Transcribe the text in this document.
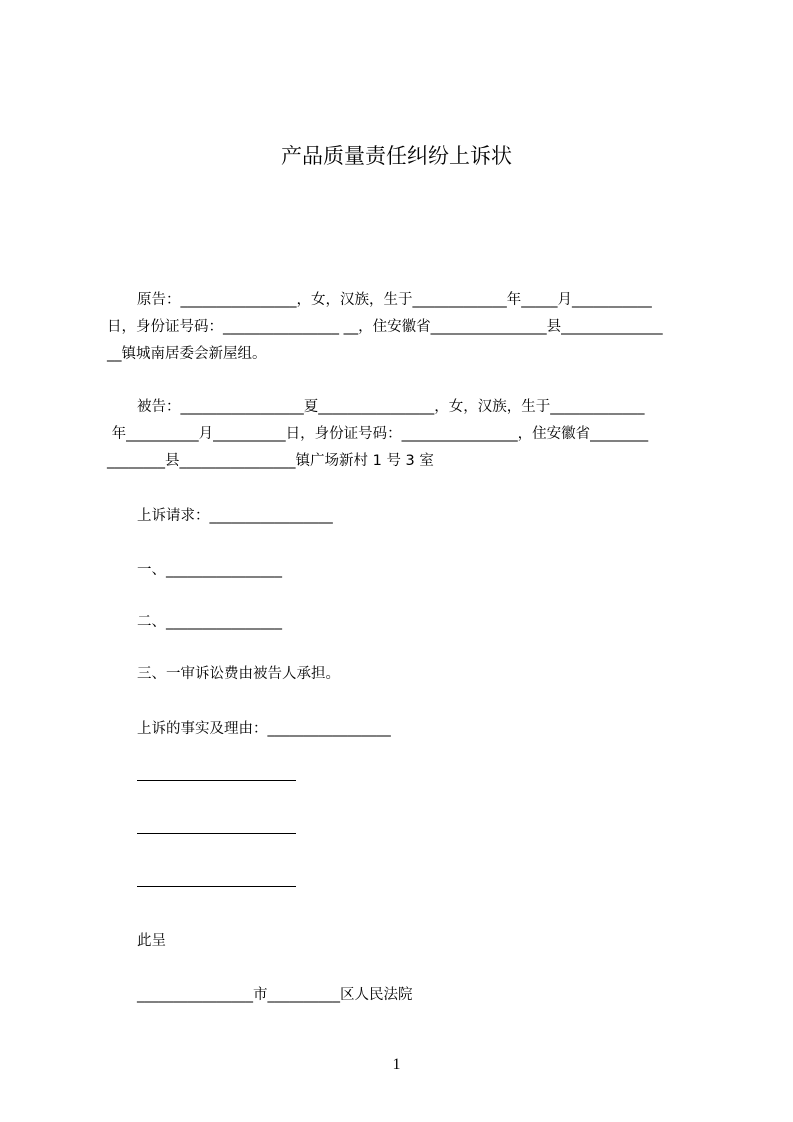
产品质量责任纠纷上诉状

原告：________________，女，汉族，生于_____________年_____月___________

日，身份证号码：________________ __，住安徽省________________县______________

__镇城南居委会新屋组。

被告：_________________夏________________，女，汉族，生于_____________

年__________月__________日，身份证号码：________________，住安徽省________

________县________________镇广场新村 1 号 3 室

上诉请求：_________________

一、________________

二、________________

三、一审诉讼费由被告人承担。

上诉的事实及理由：_________________

此呈

________________市__________区人民法院

1
